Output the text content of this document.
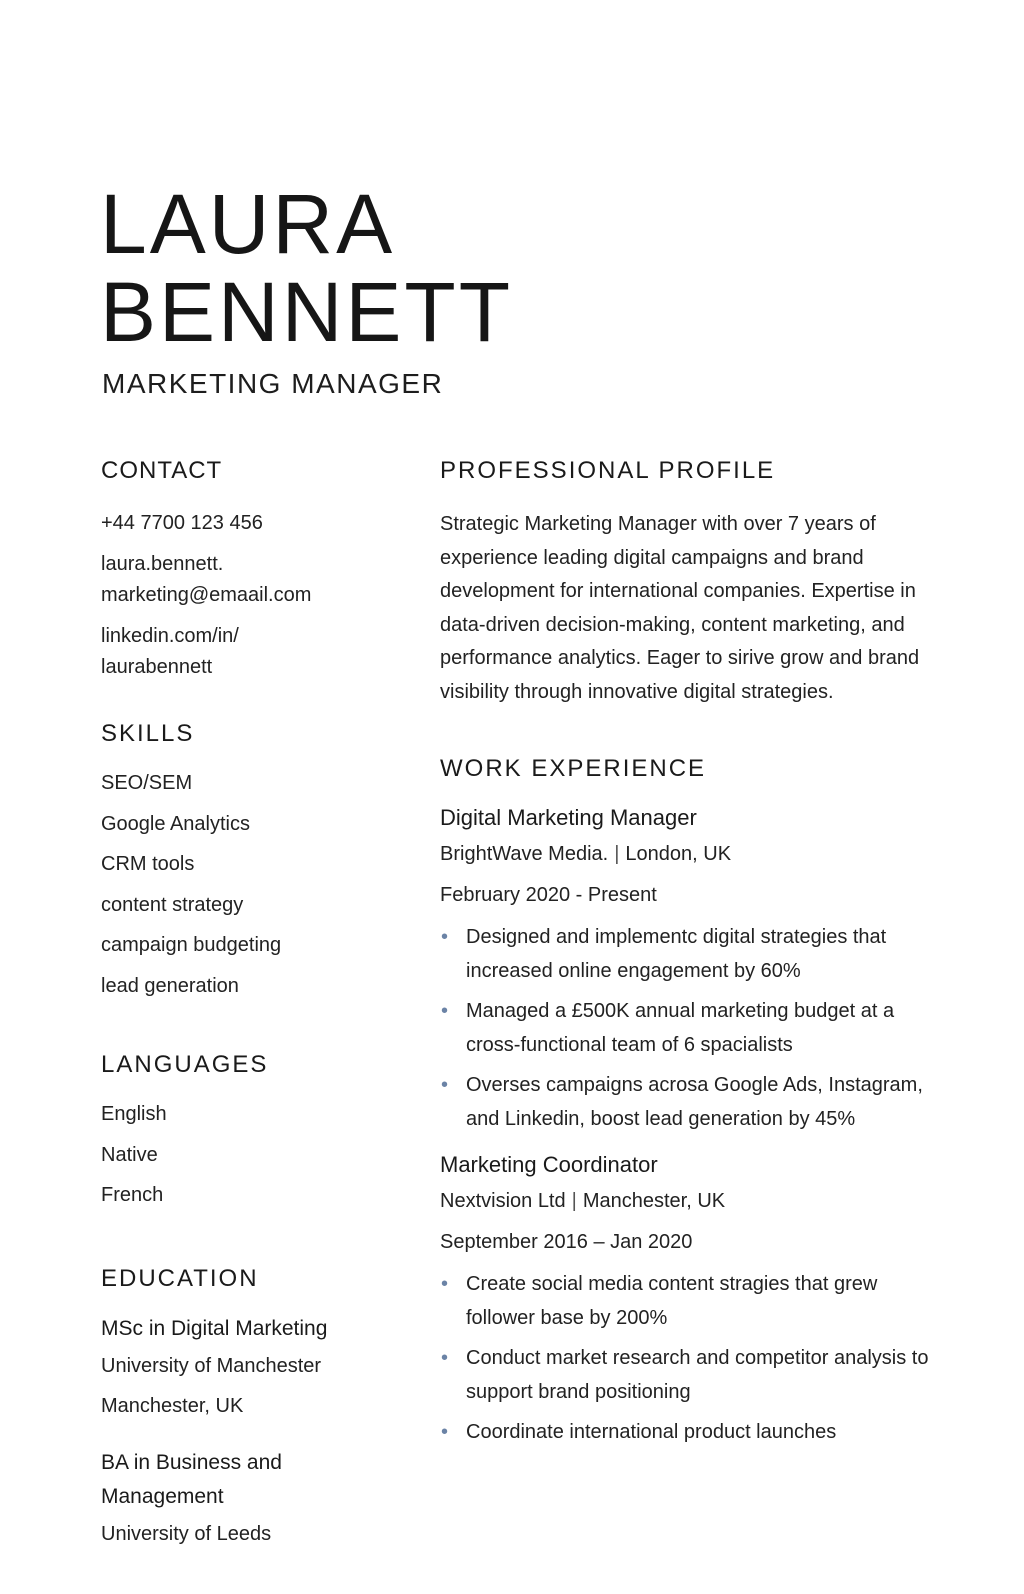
LAURA
BENNETT
MARKETING MANAGER
CONTACT
+44 7700 123 456
laura.bennett.
marketing@emaail.com
linkedin.com/in/
laurabennett
SKILLS
SEO/SEM
Google Analytics
CRM tools
content strategy
campaign budgeting
lead generation
LANGUAGES
English
Native
French
EDUCATION
MSc in Digital Marketing
University of Manchester
Manchester, UK
BA in Business and
Management
University of Leeds
PROFESSIONAL PROFILE

Strategic Marketing Manager with over 7 years of experience leading digital campaigns and brand development for international companies. Expertise in data-driven decision-making, content marketing, and performance analytics. Eager to sirive grow and brand visibility through innovative digital strategies.

WORK EXPERIENCE
Digital Marketing Manager
BrightWave Media. | London, UK
February 2020 - Present
• Designed and implementc digital strategies that increased online engagement by 60%
• Managed a £500K annual marketing budget at a cross-functional team of 6 spacialists
• Overses campaigns acrosa Google Ads, Instagram, and Linkedin, boost lead generation by 45%
Marketing Coordinator
Nextvision Ltd | Manchester, UK
September 2016 – Jan 2020
• Create social media content stragies that grew follower base by 200%
• Conduct market research and competitor analysis to support brand positioning
• Coordinate international product launches
